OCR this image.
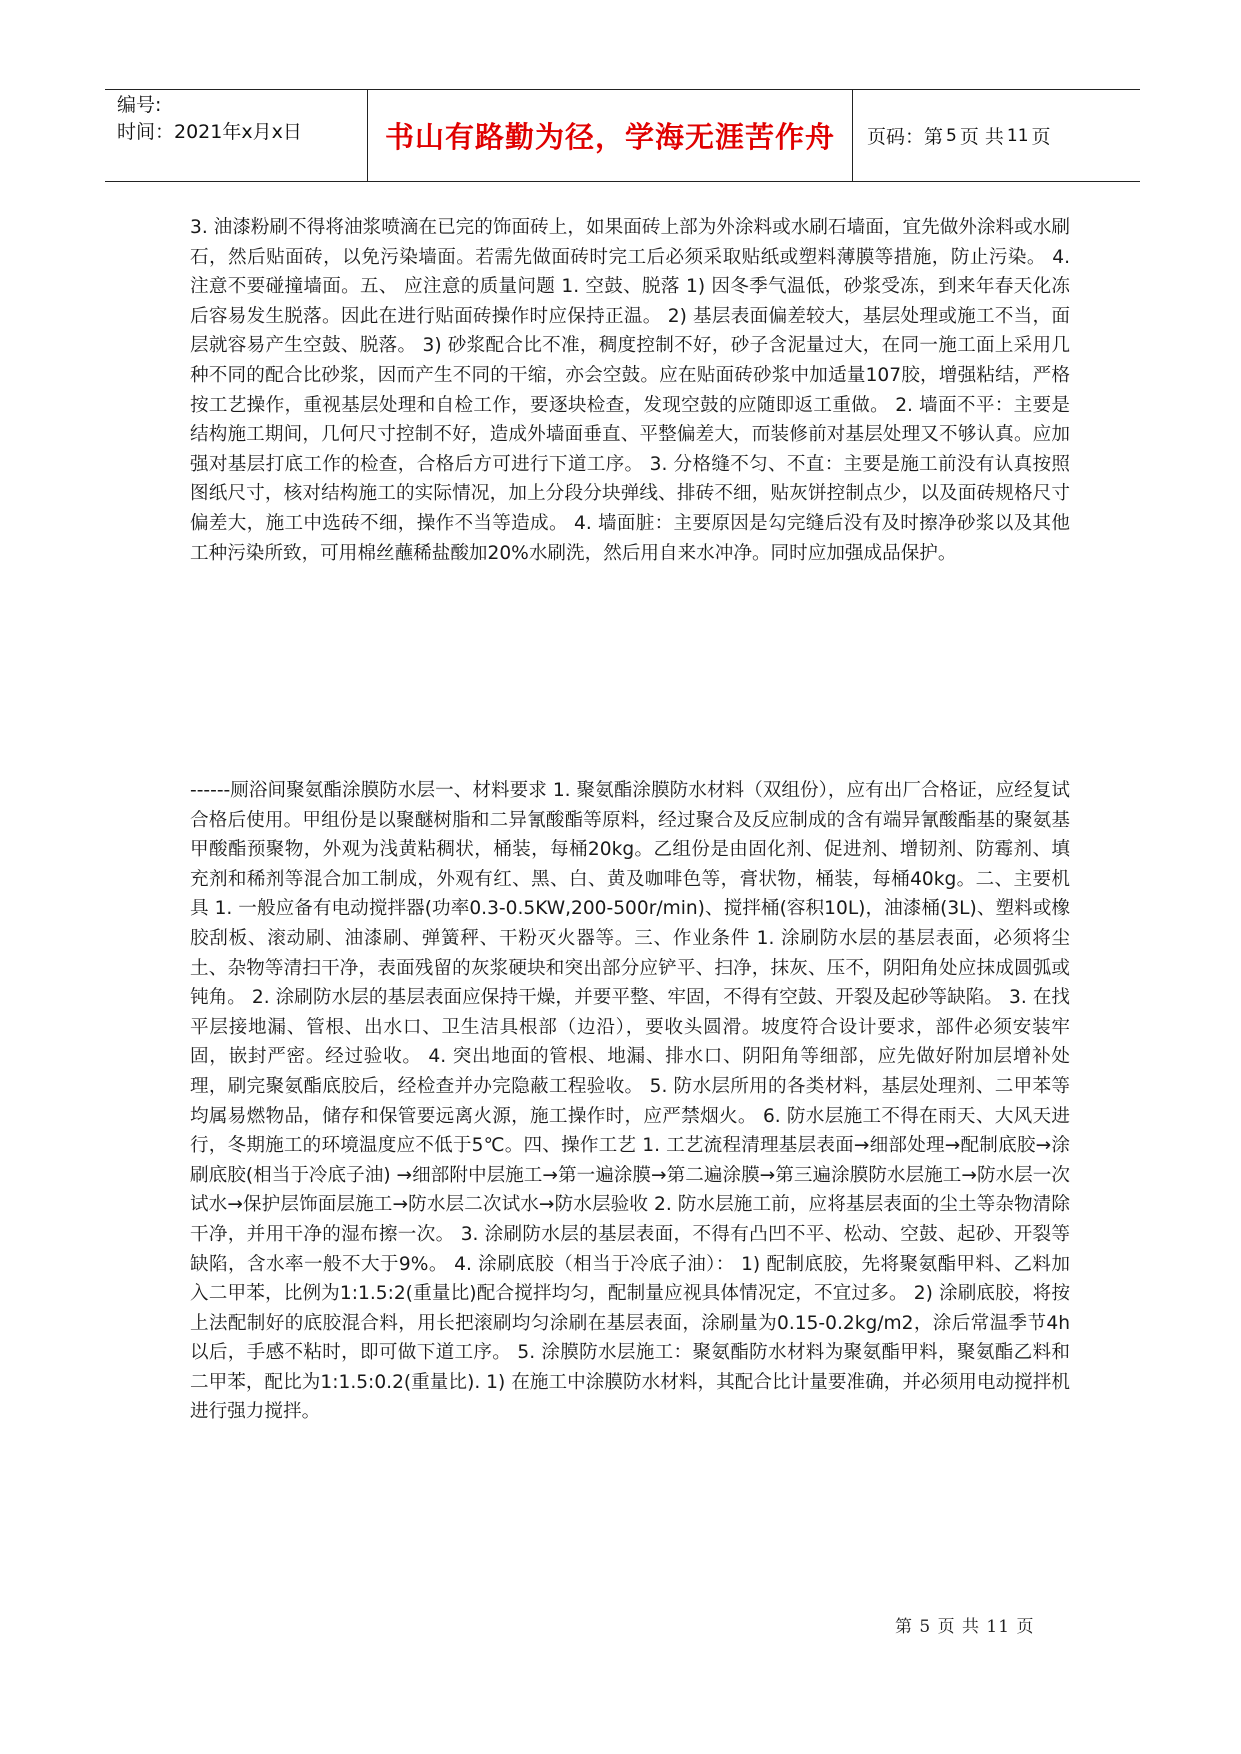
编号:
时间：2021年x月x日	书山有路勤为径，学海无涯苦作舟	页码：第 5 页 共 11 页

3. 油漆粉刷不得将油浆喷滴在已完的饰面砖上，如果面砖上部为外涂料或水刷石墙面，宜先做外涂料或水刷石，然后贴面砖，以免污染墙面。若需先做面砖时完工后必须采取贴纸或塑料薄膜等措施，防止污染。 4. 注意不要碰撞墙面。五、 应注意的质量问题 1. 空鼓、脱落 1) 因冬季气温低，砂浆受冻，到来年春天化冻后容易发生脱落。因此在进行贴面砖操作时应保持正温。 2) 基层表面偏差较大，基层处理或施工不当，面层就容易产生空鼓、脱落。 3) 砂浆配合比不准，稠度控制不好，砂子含泥量过大，在同一施工面上采用几种不同的配合比砂浆，因而产生不同的干缩，亦会空鼓。应在贴面砖砂浆中加适量107胶，增强粘结，严格按工艺操作，重视基层处理和自检工作，要逐块检查，发现空鼓的应随即返工重做。 2. 墙面不平：主要是结构施工期间，几何尺寸控制不好，造成外墙面垂直、平整偏差大，而装修前对基层处理又不够认真。应加强对基层打底工作的检查，合格后方可进行下道工序。 3. 分格缝不匀、不直：主要是施工前没有认真按照图纸尺寸，核对结构施工的实际情况，加上分段分块弹线、排砖不细，贴灰饼控制点少，以及面砖规格尺寸偏差大，施工中选砖不细，操作不当等造成。 4. 墙面脏：主要原因是勾完缝后没有及时擦净砂浆以及其他工种污染所致，可用棉丝蘸稀盐酸加20%水刷洗，然后用自来水冲净。同时应加强成品保护。

------厕浴间聚氨酯涂膜防水层一、材料要求 1. 聚氨酯涂膜防水材料（双组份），应有出厂合格证，应经复试合格后使用。甲组份是以聚醚树脂和二异氰酸酯等原料，经过聚合及反应制成的含有端异氰酸酯基的聚氨基甲酸酯预聚物，外观为浅黄粘稠状，桶装，每桶20kg。乙组份是由固化剂、促进剂、增韧剂、防霉剂、填充剂和稀剂等混合加工制成，外观有红、黑、白、黄及咖啡色等，膏状物，桶装，每桶40kg。二、主要机具 1. 一般应备有电动搅拌器(功率0.3-0.5KW,200-500r/min)、搅拌桶(容积10L)，油漆桶(3L)、塑料或橡胶刮板、滚动刷、油漆刷、弹簧秤、干粉灭火器等。三、作业条件 1. 涂刷防水层的基层表面，必须将尘土、杂物等清扫干净，表面残留的灰浆硬块和突出部分应铲平、扫净，抹灰、压不，阴阳角处应抹成圆弧或钝角。 2. 涂刷防水层的基层表面应保持干燥，并要平整、牢固，不得有空鼓、开裂及起砂等缺陷。 3. 在找平层接地漏、管根、出水口、卫生洁具根部（边沿），要收头圆滑。坡度符合设计要求，部件必须安装牢固，嵌封严密。经过验收。 4. 突出地面的管根、地漏、排水口、阴阳角等细部，应先做好附加层增补处理，刷完聚氨酯底胶后，经检查并办完隐蔽工程验收。 5. 防水层所用的各类材料，基层处理剂、二甲苯等均属易燃物品，储存和保管要远离火源，施工操作时，应严禁烟火。 6. 防水层施工不得在雨天、大风天进行，冬期施工的环境温度应不低于5℃。四、操作工艺 1. 工艺流程清理基层表面→细部处理→配制底胶→涂刷底胶(相当于冷底子油) →细部附中层施工→第一遍涂膜→第二遍涂膜→第三遍涂膜防水层施工→防水层一次试水→保护层饰面层施工→防水层二次试水→防水层验收 2. 防水层施工前，应将基层表面的尘土等杂物清除干净，并用干净的湿布擦一次。 3. 涂刷防水层的基层表面，不得有凸凹不平、松动、空鼓、起砂、开裂等缺陷，含水率一般不大于9%。 4. 涂刷底胶（相当于冷底子油）： 1) 配制底胶，先将聚氨酯甲料、乙料加入二甲苯，比例为1:1.5:2(重量比)配合搅拌均匀，配制量应视具体情况定，不宜过多。 2) 涂刷底胶，将按上法配制好的底胶混合料，用长把滚刷均匀涂刷在基层表面，涂刷量为0.15-0.2kg/m2，涂后常温季节4h以后，手感不粘时，即可做下道工序。 5. 涂膜防水层施工：聚氨酯防水材料为聚氨酯甲料，聚氨酯乙料和二甲苯，配比为1:1.5:0.2(重量比). 1) 在施工中涂膜防水材料，其配合比计量要准确，并必须用电动搅拌机进行强力搅拌。

第 5 页 共 11 页
